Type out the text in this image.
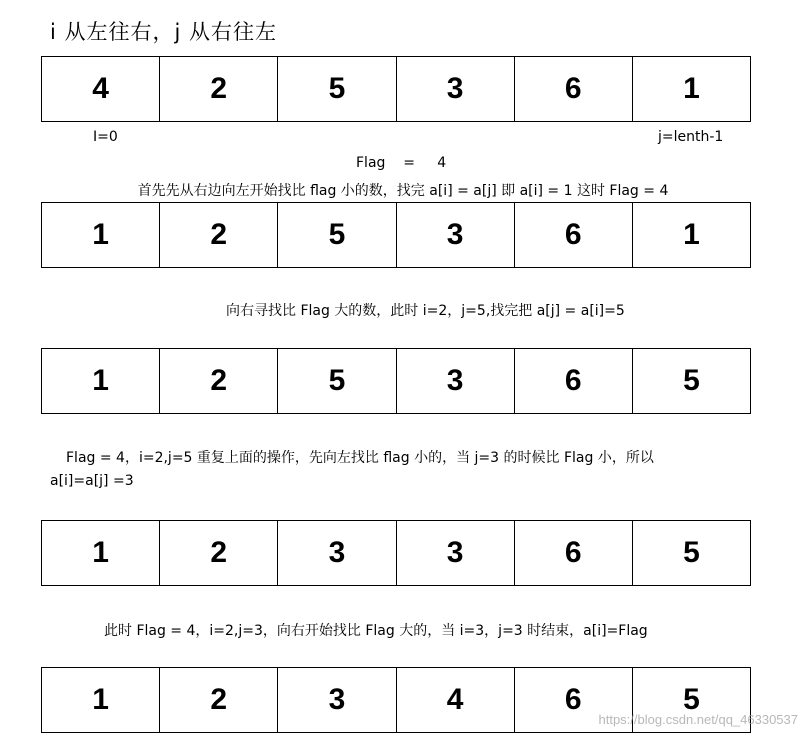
i 从左往右，j 从右往左
4	2	5	3	6	1
I=0	j=lenth-1
Flag    =     4
首先先从右边向左开始找比 flag 小的数，找完 a[i] = a[j] 即 a[i] = 1 这时 Flag = 4
1	2	5	3	6	1
向右寻找比 Flag 大的数，此时 i=2，j=5,找完把 a[j] = a[i]=5
1	2	5	3	6	5
Flag = 4，i=2,j=5 重复上面的操作，先向左找比 flag 小的，当 j=3 的时候比 Flag 小，所以
a[i]=a[j] =3
1	2	3	3	6	5
此时 Flag = 4，i=2,j=3，向右开始找比 Flag 大的，当 i=3，j=3 时结束，a[i]=Flag
1	2	3	4	6	5
https://blog.csdn.net/qq_46330537
